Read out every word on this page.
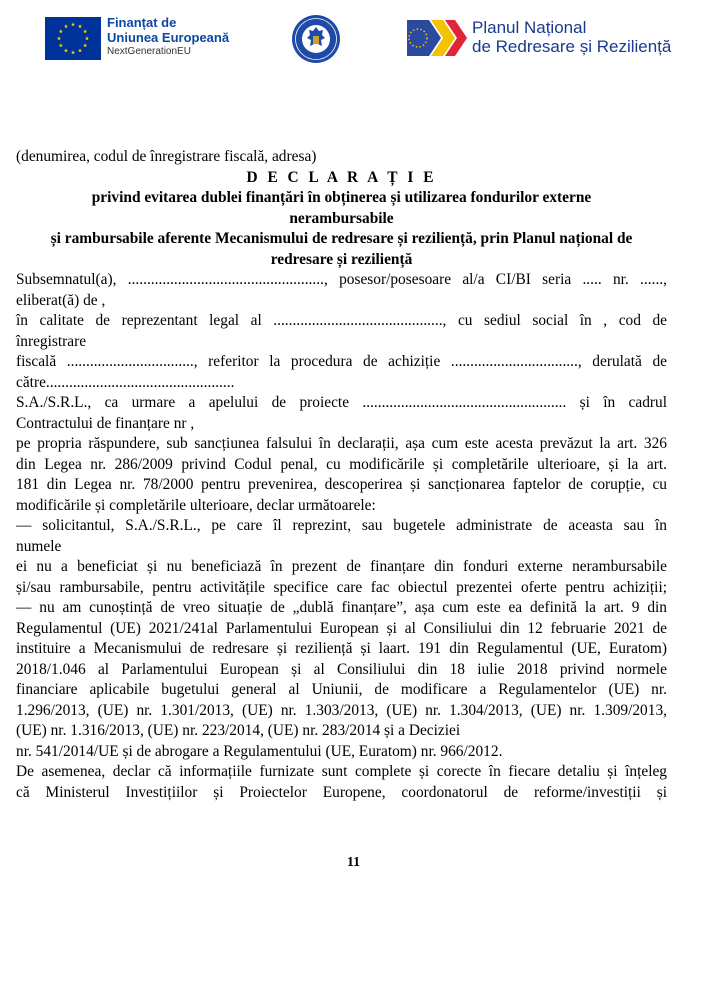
Finanțat de
Uniunea Europeană
NextGenerationEU
Planul Național
de Redresare și Reziliență
(denumirea, codul de înregistrare fiscală, adresa)
D E C L A R A Ț I E
privind evitarea dublei finanțări în obținerea și utilizarea fondurilor externe
nerambursabile
și rambursabile aferente Mecanismului de redresare și reziliență, prin Planul național de
redresare și reziliență
Subsemnatul(a), ..................................................., posesor/posesoare al/a CI/BI seria ..... nr. ......,
eliberat(ă) de ,
în calitate de reprezentant legal al ............................................, cu sediul social în , cod de
înregistrare
fiscală ................................., referitor la procedura de achiziție ................................., derulată de
către.................................................
S.A./S.R.L., ca urmare a apelului de proiecte ..................................................... și în cadrul
Contractului de finanțare nr ,
pe propria răspundere, sub sancțiunea falsului în declarații, așa cum este acesta prevăzut la art. 326
din Legea nr. 286/2009 privind Codul penal, cu modificările și completările ulterioare, și la art.
181 din Legea nr. 78/2000 pentru prevenirea, descoperirea și sancționarea faptelor de corupție, cu
modificările și completările ulterioare, declar următoarele:
— solicitantul, S.A./S.R.L., pe care îl reprezint, sau bugetele administrate de aceasta sau în
numele
ei nu a beneficiat și nu beneficiază în prezent de finanțare din fonduri externe nerambursabile
și/sau rambursabile, pentru activitățile specifice care fac obiectul prezentei oferte pentru achiziții;
— nu am cunoștință de vreo situație de „dublă finanțare”, așa cum este ea definită la art. 9 din
Regulamentul (UE) 2021/241al Parlamentului European și al Consiliului din 12 februarie 2021 de
instituire a Mecanismului de redresare și reziliență și laart. 191 din Regulamentul (UE, Euratom)
2018/1.046 al Parlamentului European și al Consiliului din 18 iulie 2018 privind normele
financiare aplicabile bugetului general al Uniunii, de modificare a Regulamentelor (UE) nr.
1.296/2013, (UE) nr. 1.301/2013, (UE) nr. 1.303/2013, (UE) nr. 1.304/2013, (UE) nr. 1.309/2013,
(UE) nr. 1.316/2013, (UE) nr. 223/2014, (UE) nr. 283/2014 și a Deciziei
nr. 541/2014/UE și de abrogare a Regulamentului (UE, Euratom) nr. 966/2012.
De asemenea, declar că informațiile furnizate sunt complete și corecte în fiecare detaliu și înțeleg
că Ministerul Investițiilor și Proiectelor Europene, coordonatorul de reforme/investiții și
11
